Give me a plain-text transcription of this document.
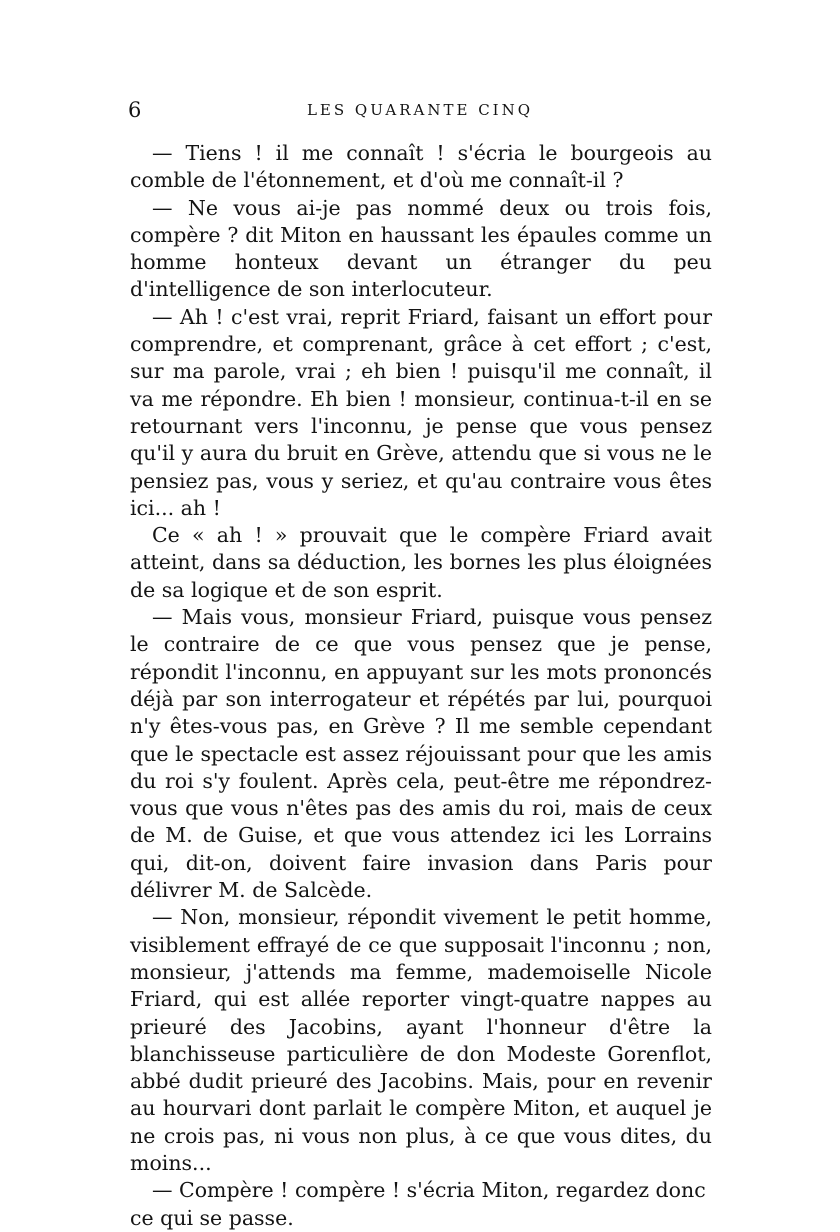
6	LES QUARANTE CINQ

— Tiens ! il me connaît ! s'écria le bourgeois au comble de l'étonnement, et d'où me connaît-il ?

— Ne vous ai-je pas nommé deux ou trois fois, compère ? dit Miton en haussant les épaules comme un homme honteux devant un étranger du peu d'intelligence de son interlocuteur.

— Ah ! c'est vrai, reprit Friard, faisant un effort pour comprendre, et comprenant, grâce à cet effort ; c'est, sur ma parole, vrai ; eh bien ! puisqu'il me connaît, il va me répondre. Eh bien ! monsieur, continua-t-il en se retournant vers l'inconnu, je pense que vous pensez qu'il y aura du bruit en Grève, attendu que si vous ne le pensiez pas, vous y seriez, et qu'au contraire vous êtes ici... ah !

Ce « ah ! » prouvait que le compère Friard avait atteint, dans sa déduction, les bornes les plus éloignées de sa logique et de son esprit.

— Mais vous, monsieur Friard, puisque vous pensez le contraire de ce que vous pensez que je pense, répondit l'inconnu, en appuyant sur les mots prononcés déjà par son interrogateur et répétés par lui, pourquoi n'y êtes-vous pas, en Grève ? Il me semble cependant que le spectacle est assez réjouissant pour que les amis du roi s'y foulent. Après cela, peut-être me répondrez-vous que vous n'êtes pas des amis du roi, mais de ceux de M. de Guise, et que vous attendez ici les Lorrains qui, dit-on, doivent faire invasion dans Paris pour délivrer M. de Salcède.

— Non, monsieur, répondit vivement le petit homme, visiblement effrayé de ce que supposait l'inconnu ; non, monsieur, j'attends ma femme, mademoiselle Nicole Friard, qui est allée reporter vingt-quatre nappes au prieuré des Jacobins, ayant l'honneur d'être la blanchisseuse particulière de don Modeste Gorenflot, abbé dudit prieuré des Jacobins. Mais, pour en revenir au hourvari dont parlait le compère Miton, et auquel je ne crois pas, ni vous non plus, à ce que vous dites, du moins...

— Compère ! compère ! s'écria Miton, regardez donc ce qui se passe.
